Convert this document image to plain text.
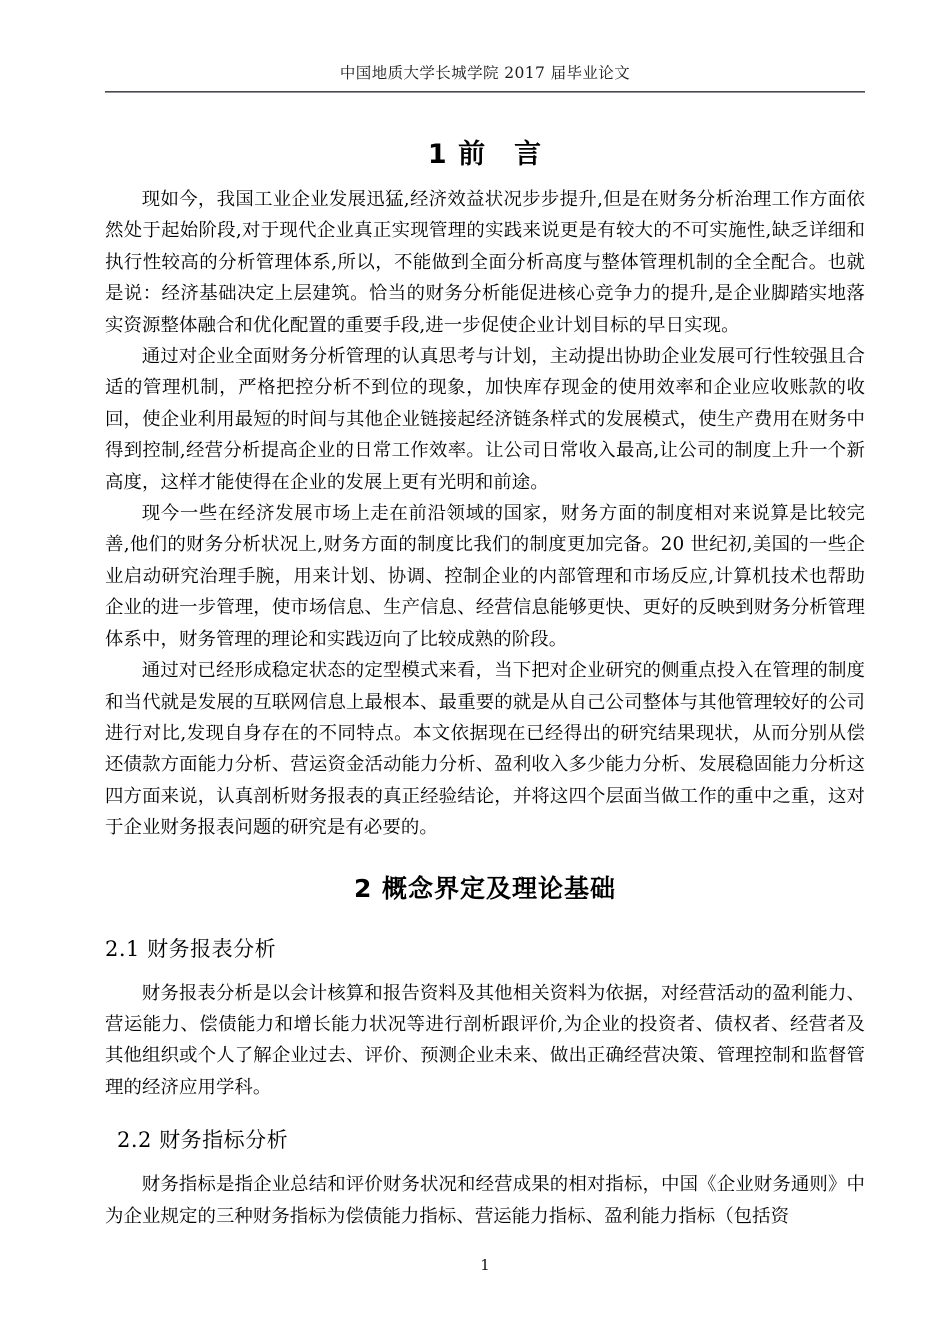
中国地质大学长城学院 2017 届毕业论文
1 前　言

现如今，我国工业企业发展迅猛,经济效益状况步步提升,但是在财务分析治理工作方面依然处于起始阶段,对于现代企业真正实现管理的实践来说更是有较大的不可实施性,缺乏详细和执行性较高的分析管理体系,所以，不能做到全面分析高度与整体管理机制的全全配合。也就是说：经济基础决定上层建筑。恰当的财务分析能促进核心竞争力的提升,是企业脚踏实地落实资源整体融合和优化配置的重要手段,进一步促使企业计划目标的早日实现。

通过对企业全面财务分析管理的认真思考与计划，主动提出协助企业发展可行性较强且合适的管理机制，严格把控分析不到位的现象，加快库存现金的使用效率和企业应收账款的收回，使企业利用最短的时间与其他企业链接起经济链条样式的发展模式，使生产费用在财务中得到控制,经营分析提高企业的日常工作效率。让公司日常收入最高,让公司的制度上升一个新高度，这样才能使得在企业的发展上更有光明和前途。

现今一些在经济发展市场上走在前沿领域的国家，财务方面的制度相对来说算是比较完善,他们的财务分析状况上,财务方面的制度比我们的制度更加完备。20 世纪初,美国的一些企业启动研究治理手腕，用来计划、协调、控制企业的内部管理和市场反应,计算机技术也帮助企业的进一步管理，使市场信息、生产信息、经营信息能够更快、更好的反映到财务分析管理体系中，财务管理的理论和实践迈向了比较成熟的阶段。

通过对已经形成稳定状态的定型模式来看，当下把对企业研究的侧重点投入在管理的制度和当代就是发展的互联网信息上最根本、最重要的就是从自己公司整体与其他管理较好的公司进行对比,发现自身存在的不同特点。本文依据现在已经得出的研究结果现状，从而分别从偿还债款方面能力分析、营运资金活动能力分析、盈利收入多少能力分析、发展稳固能力分析这四方面来说，认真剖析财务报表的真正经验结论，并将这四个层面当做工作的重中之重，这对于企业财务报表问题的研究是有必要的。

2 概念界定及理论基础
2.1 财务报表分析

财务报表分析是以会计核算和报告资料及其他相关资料为依据，对经营活动的盈利能力、营运能力、偿债能力和增长能力状况等进行剖析跟评价,为企业的投资者、债权者、经营者及其他组织或个人了解企业过去、评价、预测企业未来、做出正确经营决策、管理控制和监督管理的经济应用学科。

2.2 财务指标分析

财务指标是指企业总结和评价财务状况和经营成果的相对指标，中国《企业财务通则》中为企业规定的三种财务指标为偿债能力指标、营运能力指标、盈利能力指标（包括资

1
